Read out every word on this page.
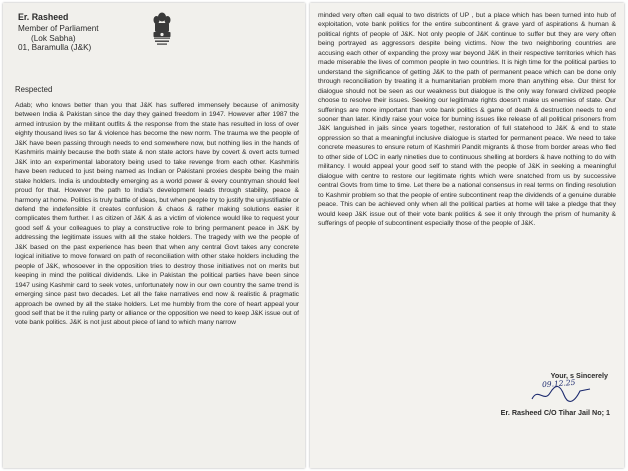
Er. Rasheed
Member of Parliament
(Lok Sabha)
01, Baramulla (J&K)
Respected

Adab; who knows better than you that J&K has suffered immensely because of animosity between India & Pakistan since the day they gained freedom in 1947. However after 1987 the armed intrusion by the militant outfits & the response from the state has resulted in loss of over eighty thousand lives so far & violence has become the new norm. The trauma we the people of J&K have been passing through needs to end somewhere now, but nothing lies in the hands of Kashmiris mainly because the both state & non state actors have by covert & overt acts turned J&K into an experimental laboratory being used to take revenge from each other. Kashmiris have been reduced to just being named as Indian or Pakistani proxies despite being the main stake holders. India is undoubtedly emerging as a world power & every countryman should feel proud for that. However the path to India's development leads through stability, peace & harmony at home. Politics is truly battle of ideas, but when people try to justify the unjustifiable or defend the indefensible it creates confusion & chaos & rather making solutions easier it complicates them further. I as citizen of J&K & as a victim of violence would like to request your good self & your colleagues to play a constructive role to bring permanent peace in J&K by addressing the legitimate issues with all the stake holders. The tragedy with we the people of J&K based on the past experience has been that when any central Govt takes any concrete logical initiative to move forward on path of reconciliation with other stake holders including the people of J&K, whosoever in the opposition tries to destroy those initiatives not on merits but keeping in mind the political dividends. Like in Pakistan the political parties have been since 1947 using Kashmir card to seek votes, unfortunately now in our own country the same trend is emerging since past two decades. Let all the fake narratives end now & realistic & pragmatic approach be owned by all the stake holders. Let me humbly from the core of heart appeal your good self that be it the ruling party or alliance or the opposition we need to keep J&K issue out of vote bank politics. J&K is not just about piece of land to which many narrow

minded very often call equal to two districts of UP , but a place which has been turned into hub of exploitation, vote bank politics for the entire subcontinent & grave yard of aspirations & human & political rights of people of J&K. Not only people of J&K continue to suffer but they are very often being portrayed as aggressors despite being victims. Now the two neighboring countries are accusing each other of expanding the proxy war beyond J&K in their respective territories which has made miserable the lives of common people in two countries. It is high time for the political parties to understand the significance of getting J&K to the path of permanent peace which can be done only through reconciliation by treating it a humanitarian problem more than anything else. Our thirst for dialogue should not be seen as our weakness but dialogue is the only way forward civilized people choose to resolve their issues. Seeking our legitimate rights doesn't make us enemies of state. Our sufferings are more important than vote bank politics & game of death & destruction needs to end sooner than later. Kindly raise your voice for burning issues like release of all political prisoners from J&K languished in jails since years together, restoration of full statehood to J&K & end to state oppression so that a meaningful inclusive dialogue is started for permanent peace. We need to take concrete measures to ensure return of Kashmiri Pandit migrants & those from border areas who fled to other side of LOC in early nineties due to continuous shelling at borders & have nothing to do with militancy. I would appeal your good self to stand with the people of J&K in seeking a meaningful dialogue with centre to restore our legitimate rights which were snatched from us by successive central Govts from time to time. Let there be a national consensus in real terms on finding resolution to Kashmir problem so that the people of entire subcontinent reap the dividends of a genuine durable peace. This can be achieved only when all the political parties at home will take a pledge that they would keep J&K issue out of their vote bank politics & see it only through the prism of humanity & sufferings of people of subcontinent especially those of the people of J&K.

Your, s Sincerely
09.12.25
Er. Rasheed C/O Tihar Jail No; 1
